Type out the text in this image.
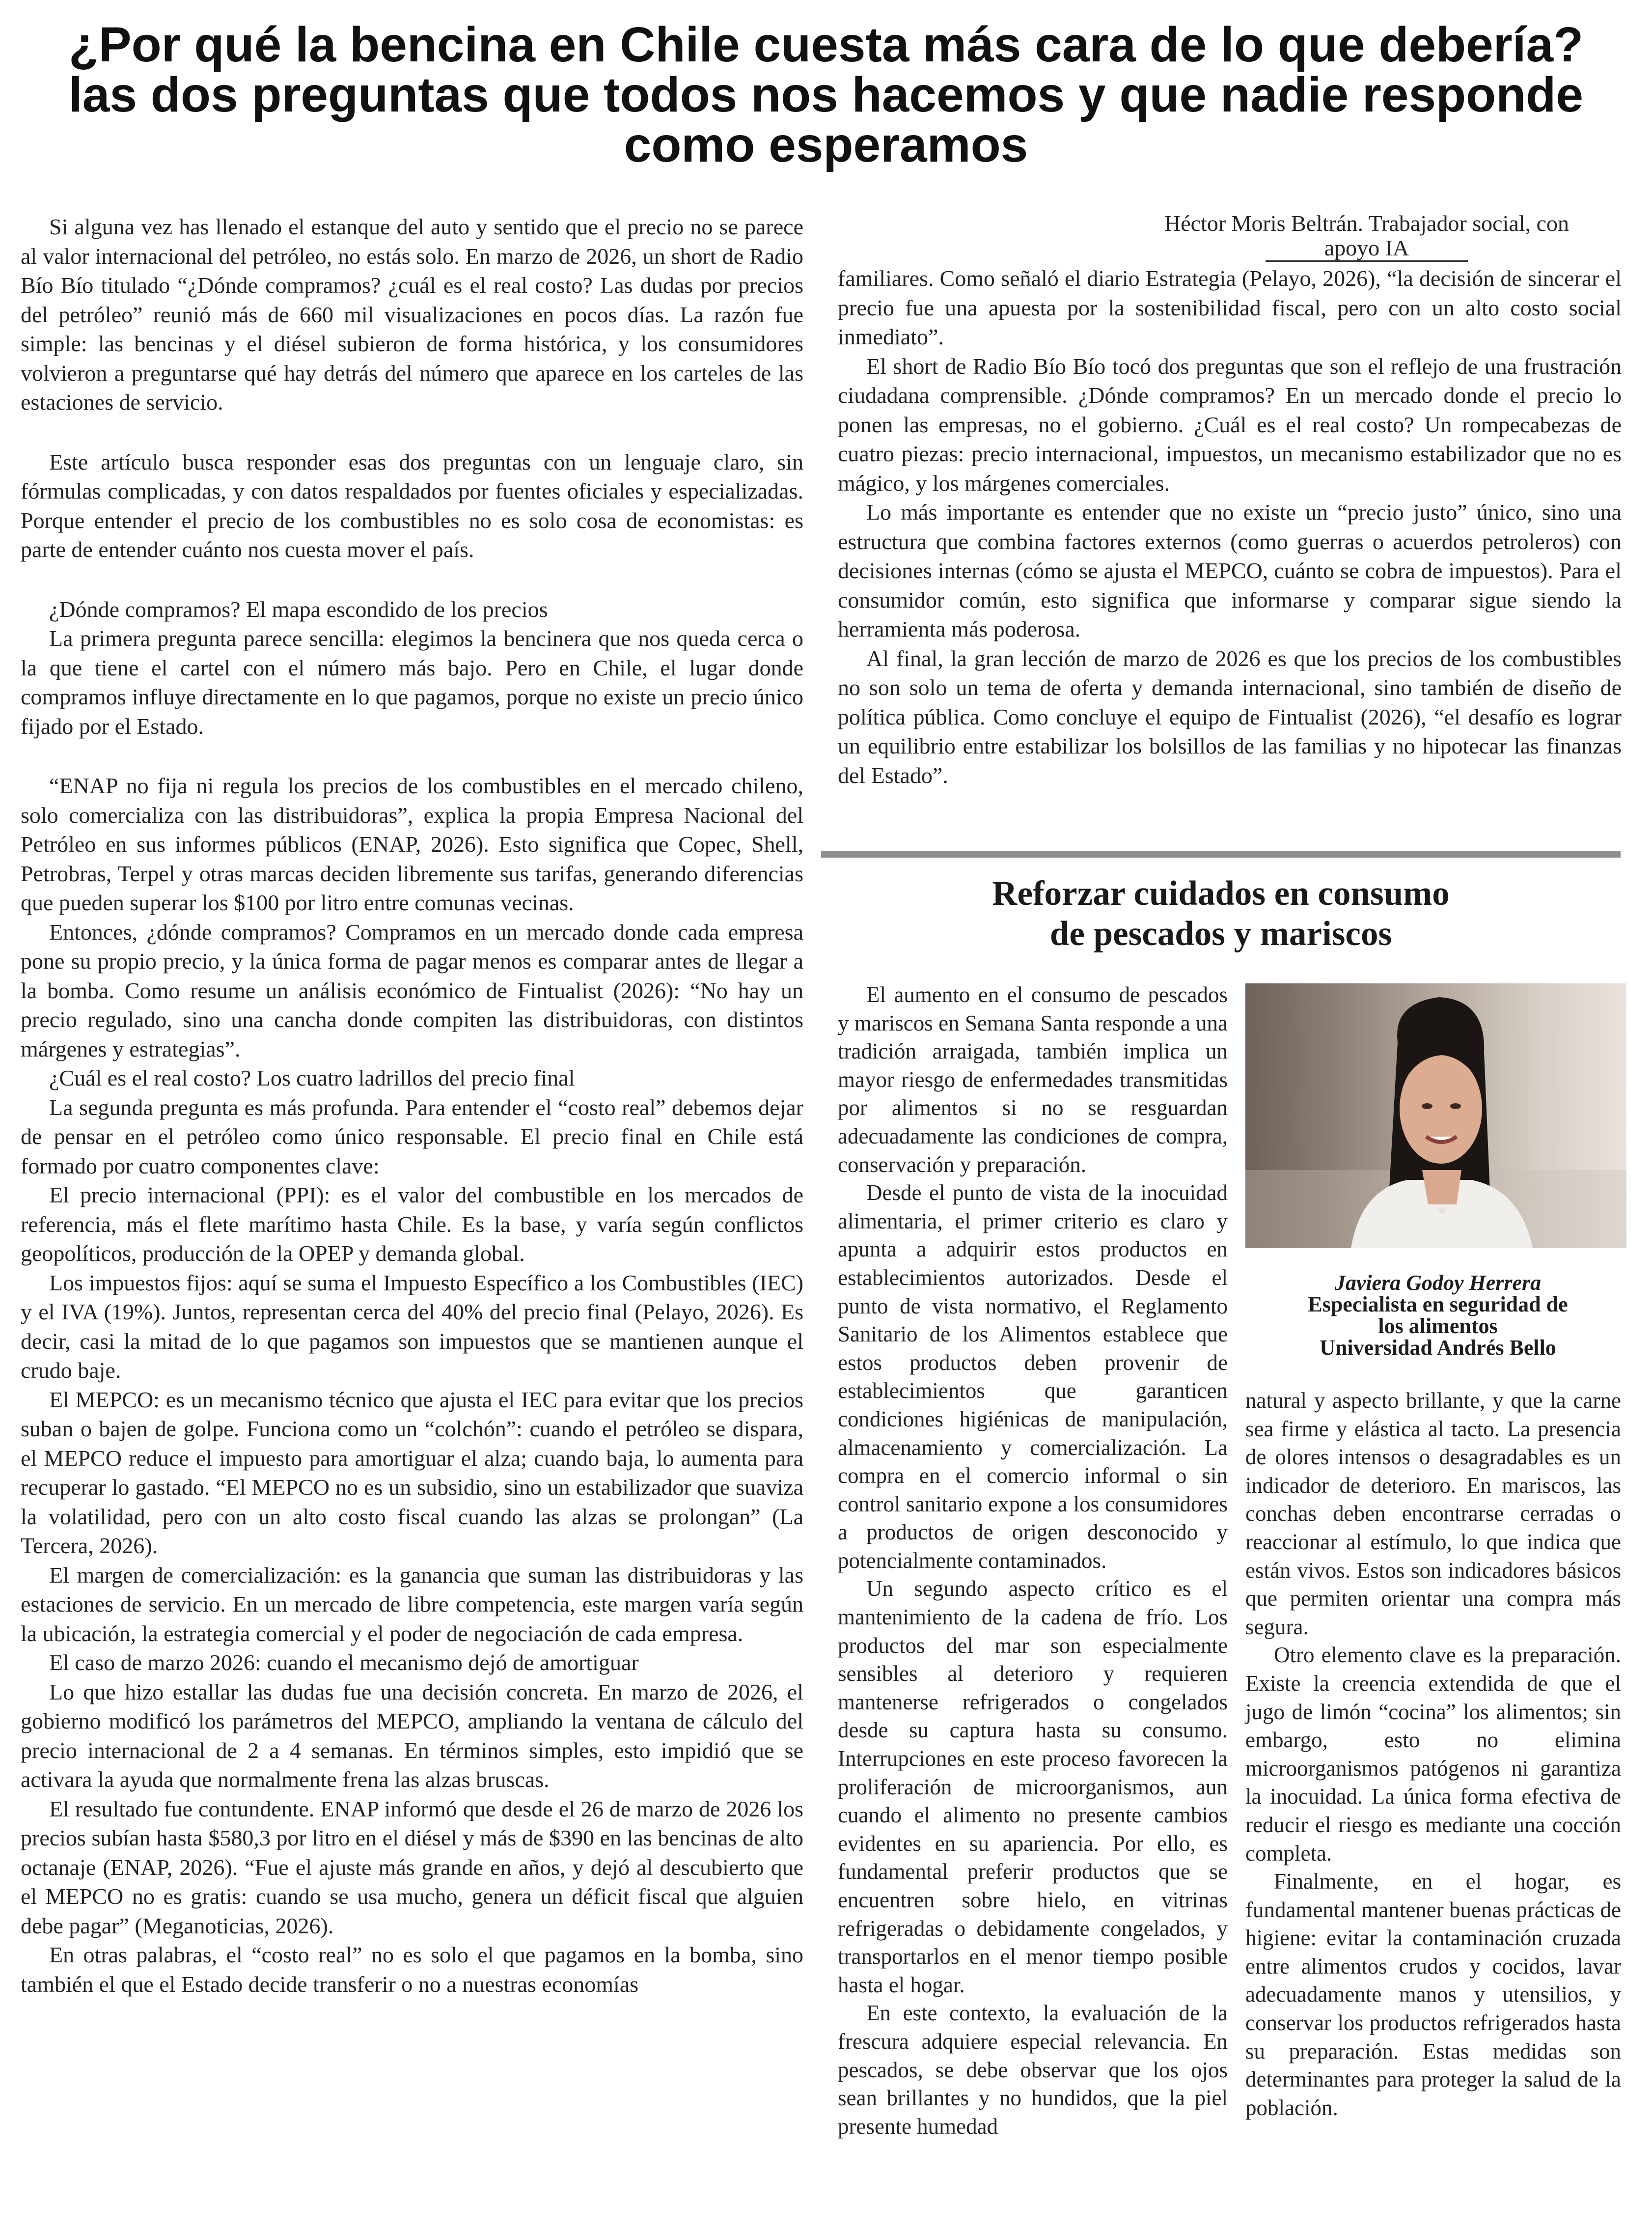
¿Por qué la bencina en Chile cuesta más cara de lo que debería?
las dos preguntas que todos nos hacemos y que nadie responde
como esperamos

Si alguna vez has llenado el estanque del auto y sentido que el precio no se parece al valor internacional del petróleo, no estás solo. En marzo de 2026, un short de Radio Bío Bío titulado “¿Dónde compramos? ¿cuál es el real costo? Las dudas por precios del petróleo” reunió más de 660 mil visualizaciones en pocos días. La razón fue simple: las bencinas y el diésel subieron de forma histórica, y los consumidores volvieron a preguntarse qué hay detrás del número que aparece en los carteles de las estaciones de servicio.

Este artículo busca responder esas dos preguntas con un lenguaje claro, sin fórmulas complicadas, y con datos respaldados por fuentes oficiales y especializadas. Porque entender el precio de los combustibles no es solo cosa de economistas: es parte de entender cuánto nos cuesta mover el país.

¿Dónde compramos? El mapa escondido de los precios

La primera pregunta parece sencilla: elegimos la bencinera que nos queda cerca o la que tiene el cartel con el número más bajo. Pero en Chile, el lugar donde compramos influye directamente en lo que pagamos, porque no existe un precio único fijado por el Estado.

“ENAP no fija ni regula los precios de los combustibles en el mercado chileno, solo comercializa con las distribuidoras”, explica la propia Empresa Nacional del Petróleo en sus informes públicos (ENAP, 2026). Esto significa que Copec, Shell, Petrobras, Terpel y otras marcas deciden libremente sus tarifas, generando diferencias que pueden superar los $100 por litro entre comunas vecinas.

Entonces, ¿dónde compramos? Compramos en un mercado donde cada empresa pone su propio precio, y la única forma de pagar menos es comparar antes de llegar a la bomba. Como resume un análisis económico de Fintualist (2026): “No hay un precio regulado, sino una cancha donde compiten las distribuidoras, con distintos márgenes y estrategias”.

¿Cuál es el real costo? Los cuatro ladrillos del precio final

La segunda pregunta es más profunda. Para entender el “costo real” debemos dejar de pensar en el petróleo como único responsable. El precio final en Chile está formado por cuatro componentes clave:

El precio internacional (PPI): es el valor del combustible en los mercados de referencia, más el flete marítimo hasta Chile. Es la base, y varía según conflictos geopolíticos, producción de la OPEP y demanda global.

Los impuestos fijos: aquí se suma el Impuesto Específico a los Combustibles (IEC) y el IVA (19%). Juntos, representan cerca del 40% del precio final (Pelayo, 2026). Es decir, casi la mitad de lo que pagamos son impuestos que se mantienen aunque el crudo baje.

El MEPCO: es un mecanismo técnico que ajusta el IEC para evitar que los precios suban o bajen de golpe. Funciona como un “colchón”: cuando el petróleo se dispara, el MEPCO reduce el impuesto para amortiguar el alza; cuando baja, lo aumenta para recuperar lo gastado. “El MEPCO no es un subsidio, sino un estabilizador que suaviza la volatilidad, pero con un alto costo fiscal cuando las alzas se prolongan” (La Tercera, 2026).

El margen de comercialización: es la ganancia que suman las distribuidoras y las estaciones de servicio. En un mercado de libre competencia, este margen varía según la ubicación, la estrategia comercial y el poder de negociación de cada empresa.

El caso de marzo 2026: cuando el mecanismo dejó de amortiguar

Lo que hizo estallar las dudas fue una decisión concreta. En marzo de 2026, el gobierno modificó los parámetros del MEPCO, ampliando la ventana de cálculo del precio internacional de 2 a 4 semanas. En términos simples, esto impidió que se activara la ayuda que normalmente frena las alzas bruscas.

El resultado fue contundente. ENAP informó que desde el 26 de marzo de 2026 los precios subían hasta $580,3 por litro en el diésel y más de $390 en las bencinas de alto octanaje (ENAP, 2026). “Fue el ajuste más grande en años, y dejó al descubierto que el MEPCO no es gratis: cuando se usa mucho, genera un déficit fiscal que alguien debe pagar” (Meganoticias, 2026).

En otras palabras, el “costo real” no es solo el que pagamos en la bomba, sino también el que el Estado decide transferir o no a nuestras economías

Héctor Moris Beltrán. Trabajador social, con
apoyo IA

familiares. Como señaló el diario Estrategia (Pelayo, 2026), “la decisión de sincerar el precio fue una apuesta por la sostenibilidad fiscal, pero con un alto costo social inmediato”.

El short de Radio Bío Bío tocó dos preguntas que son el reflejo de una frustración ciudadana comprensible. ¿Dónde compramos? En un mercado donde el precio lo ponen las empresas, no el gobierno. ¿Cuál es el real costo? Un rompecabezas de cuatro piezas: precio internacional, impuestos, un mecanismo estabilizador que no es mágico, y los márgenes comerciales.

Lo más importante es entender que no existe un “precio justo” único, sino una estructura que combina factores externos (como guerras o acuerdos petroleros) con decisiones internas (cómo se ajusta el MEPCO, cuánto se cobra de impuestos). Para el consumidor común, esto significa que informarse y comparar sigue siendo la herramienta más poderosa.

Al final, la gran lección de marzo de 2026 es que los precios de los combustibles no son solo un tema de oferta y demanda internacional, sino también de diseño de política pública. Como concluye el equipo de Fintualist (2026), “el desafío es lograr un equilibrio entre estabilizar los bolsillos de las familias y no hipotecar las finanzas del Estado”.

Reforzar cuidados en consumo
de pescados y mariscos

El aumento en el consumo de pescados y mariscos en Semana Santa responde a una tradición arraigada, también implica un mayor riesgo de enfermedades transmitidas por alimentos si no se resguardan adecuadamente las condiciones de compra, conservación y preparación.

Desde el punto de vista de la inocuidad alimentaria, el primer criterio es claro y apunta a adquirir estos productos en establecimientos autorizados. Desde el punto de vista normativo, el Reglamento Sanitario de los Alimentos establece que estos productos deben provenir de establecimientos que garanticen condiciones higiénicas de manipulación, almacenamiento y comercialización. La compra en el comercio informal o sin control sanitario expone a los consumidores a productos de origen desconocido y potencialmente contaminados.

Un segundo aspecto crítico es el mantenimiento de la cadena de frío. Los productos del mar son especialmente sensibles al deterioro y requieren mantenerse refrigerados o congelados desde su captura hasta su consumo. Interrupciones en este proceso favorecen la proliferación de microorganismos, aun cuando el alimento no presente cambios evidentes en su apariencia. Por ello, es fundamental preferir productos que se encuentren sobre hielo, en vitrinas refrigeradas o debidamente congelados, y transportarlos en el menor tiempo posible hasta el hogar.

En este contexto, la evaluación de la frescura adquiere especial relevancia. En pescados, se debe observar que los ojos sean brillantes y no hundidos, que la piel presente humedad

Javiera Godoy Herrera
Especialista en seguridad de
los alimentos
Universidad Andrés Bello

natural y aspecto brillante, y que la carne sea firme y elástica al tacto. La presencia de olores intensos o desagradables es un indicador de deterioro. En mariscos, las conchas deben encontrarse cerradas o reaccionar al estímulo, lo que indica que están vivos. Estos son indicadores básicos que permiten orientar una compra más segura.

Otro elemento clave es la preparación. Existe la creencia extendida de que el jugo de limón “cocina” los alimentos; sin embargo, esto no elimina microorganismos patógenos ni garantiza la inocuidad. La única forma efectiva de reducir el riesgo es mediante una cocción completa.

Finalmente, en el hogar, es fundamental mantener buenas prácticas de higiene: evitar la contaminación cruzada entre alimentos crudos y cocidos, lavar adecuadamente manos y utensilios, y conservar los productos refrigerados hasta su preparación. Estas medidas son determinantes para proteger la salud de la población.
